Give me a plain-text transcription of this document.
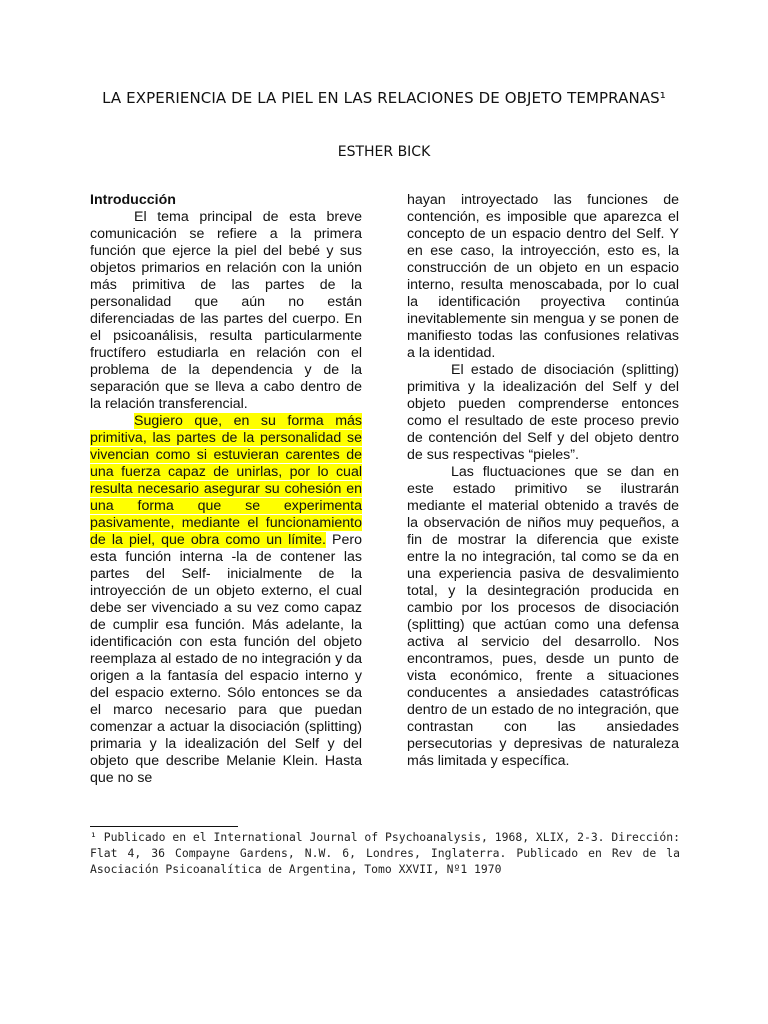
LA EXPERIENCIA DE LA PIEL EN LAS RELACIONES DE OBJETO TEMPRANAS¹
ESTHER BICK

Introducción

El tema principal de esta breve comunicación se refiere a la primera función que ejerce la piel del bebé y sus objetos primarios en relación con la unión más primitiva de las partes de la personalidad que aún no están diferenciadas de las partes del cuerpo. En el psicoanálisis, resulta particularmente fructífero estudiarla en relación con el problema de la dependencia y de la separación que se lleva a cabo dentro de la relación transferencial.

Sugiero que, en su forma más primitiva, las partes de la personalidad se vivencian como si estuvieran carentes de una fuerza capaz de unirlas, por lo cual resulta necesario asegurar su cohesión en una forma que se experimenta pasivamente, mediante el funcionamiento de la piel, que obra como un límite. Pero esta función interna -la de contener las partes del Self- inicialmente de la introyección de un objeto externo, el cual debe ser vivenciado a su vez como capaz de cumplir esa función. Más adelante, la identificación con esta función del objeto reemplaza al estado de no integración y da origen a la fantasía del espacio interno y del espacio externo. Sólo entonces se da el marco necesario para que puedan comenzar a actuar la disociación (splitting) primaria y la idealización del Self y del objeto que describe Melanie Klein. Hasta que no se

hayan introyectado las funciones de contención, es imposible que aparezca el concepto de un espacio dentro del Self. Y en ese caso, la introyección, esto es, la construcción de un objeto en un espacio interno, resulta menoscabada, por lo cual la identificación proyectiva continúa inevitablemente sin mengua y se ponen de manifiesto todas las confusiones relativas a la identidad.

El estado de disociación (splitting) primitiva y la idealización del Self y del objeto pueden comprenderse entonces como el resultado de este proceso previo de contención del Self y del objeto dentro de sus respectivas “pieles”.

Las fluctuaciones que se dan en este estado primitivo se ilustrarán mediante el material obtenido a través de la observación de niños muy pequeños, a fin de mostrar la diferencia que existe entre la no integración, tal como se da en una experiencia pasiva de desvalimiento total, y la desintegración producida en cambio por los procesos de disociación (splitting) que actúan como una defensa activa al servicio del desarrollo. Nos encontramos, pues, desde un punto de vista económico, frente a situaciones conducentes a ansiedades catastróficas dentro de un estado de no integración, que contrastan con las ansiedades persecutorias y depresivas de naturaleza más limitada y específica.

¹ Publicado en el International Journal of Psychoanalysis, 1968, XLIX, 2-3. Dirección: Flat 4, 36 Compayne Gardens, N.W. 6, Londres, Inglaterra. Publicado en Rev de la Asociación Psicoanalítica de Argentina, Tomo XXVII, Nº1 1970
